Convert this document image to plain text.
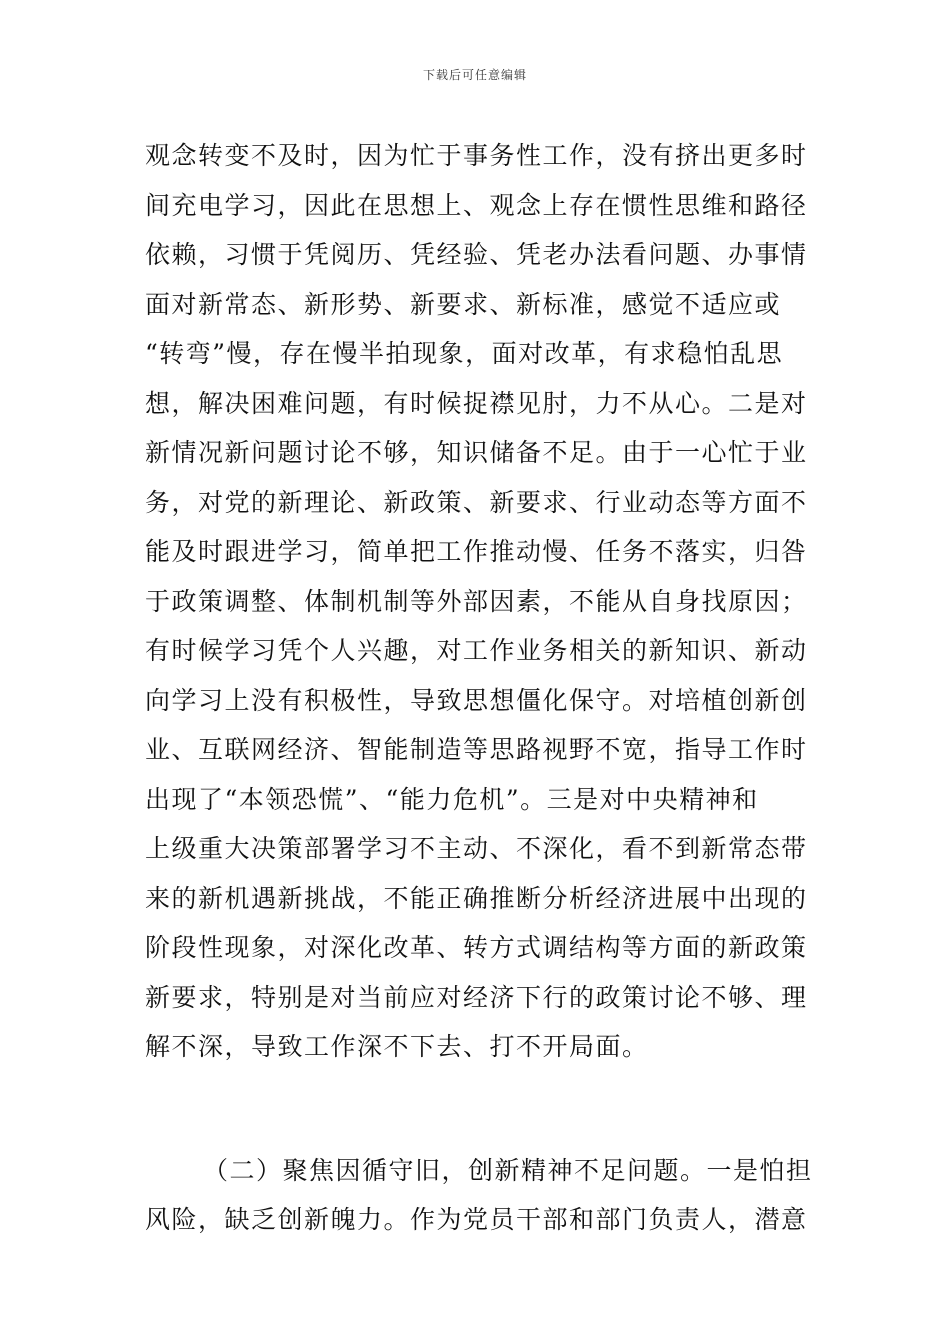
下载后可任意编辑
观念转变不及时，因为忙于事务性工作，没有挤出更多时
间充电学习，因此在思想上、观念上存在惯性思维和路径
依赖，习惯于凭阅历、凭经验、凭老办法看问题、办事情
面对新常态、新形势、新要求、新标准，感觉不适应或
“转弯”慢，存在慢半拍现象，面对改革，有求稳怕乱思
想，解决困难问题，有时候捉襟见肘，力不从心。二是对
新情况新问题讨论不够，知识储备不足。由于一心忙于业
务，对党的新理论、新政策、新要求、行业动态等方面不
能及时跟进学习，简单把工作推动慢、任务不落实，归咎
于政策调整、体制机制等外部因素，不能从自身找原因；
有时候学习凭个人兴趣，对工作业务相关的新知识、新动
向学习上没有积极性，导致思想僵化保守。对培植创新创
业、互联网经济、智能制造等思路视野不宽，指导工作时
出现了“本领恐慌”、“能力危机”。三是对中央精神和
上级重大决策部署学习不主动、不深化，看不到新常态带
来的新机遇新挑战，不能正确推断分析经济进展中出现的
阶段性现象，对深化改革、转方式调结构等方面的新政策
新要求，特别是对当前应对经济下行的政策讨论不够、理
解不深，导致工作深不下去、打不开局面。
（二）聚焦因循守旧，创新精神不足问题。一是怕担
风险，缺乏创新魄力。作为党员干部和部门负责人，潜意
